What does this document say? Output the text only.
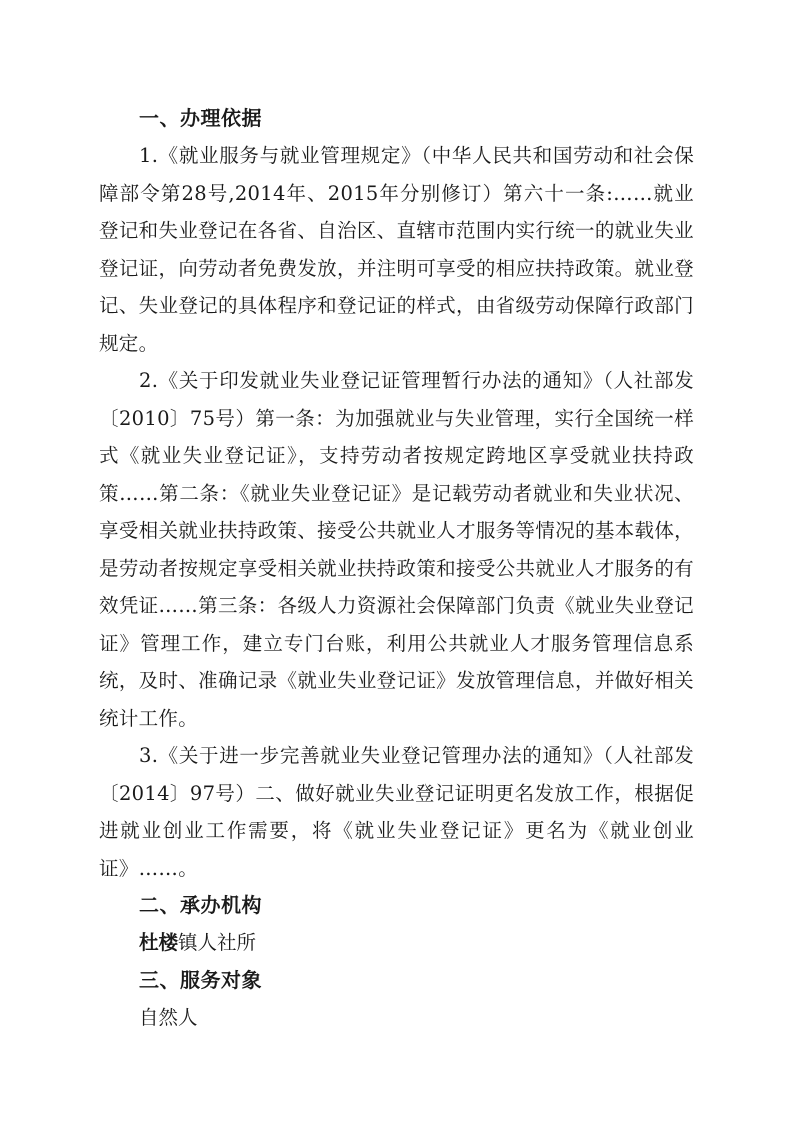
一、办理依据

1.《就业服务与就业管理规定》（中华人民共和国劳动和社会保障部令第28号,2014年、2015年分别修订）第六十一条:……就业登记和失业登记在各省、自治区、直辖市范围内实行统一的就业失业登记证，向劳动者免费发放，并注明可享受的相应扶持政策。就业登记、失业登记的具体程序和登记证的样式，由省级劳动保障行政部门规定。

2.《关于印发就业失业登记证管理暂行办法的通知》（人社部发〔2010〕75号）第一条：为加强就业与失业管理，实行全国统一样式《就业失业登记证》，支持劳动者按规定跨地区享受就业扶持政策……第二条：《就业失业登记证》是记载劳动者就业和失业状况、享受相关就业扶持政策、接受公共就业人才服务等情况的基本载体，是劳动者按规定享受相关就业扶持政策和接受公共就业人才服务的有效凭证……第三条：各级人力资源社会保障部门负责《就业失业登记证》管理工作，建立专门台账，利用公共就业人才服务管理信息系统，及时、准确记录《就业失业登记证》发放管理信息，并做好相关统计工作。

3.《关于进一步完善就业失业登记管理办法的通知》（人社部发〔2014〕97号）二、做好就业失业登记证明更名发放工作，根据促进就业创业工作需要，将《就业失业登记证》更名为《就业创业证》……。

二、承办机构
杜楼镇人社所
三、服务对象
自然人
